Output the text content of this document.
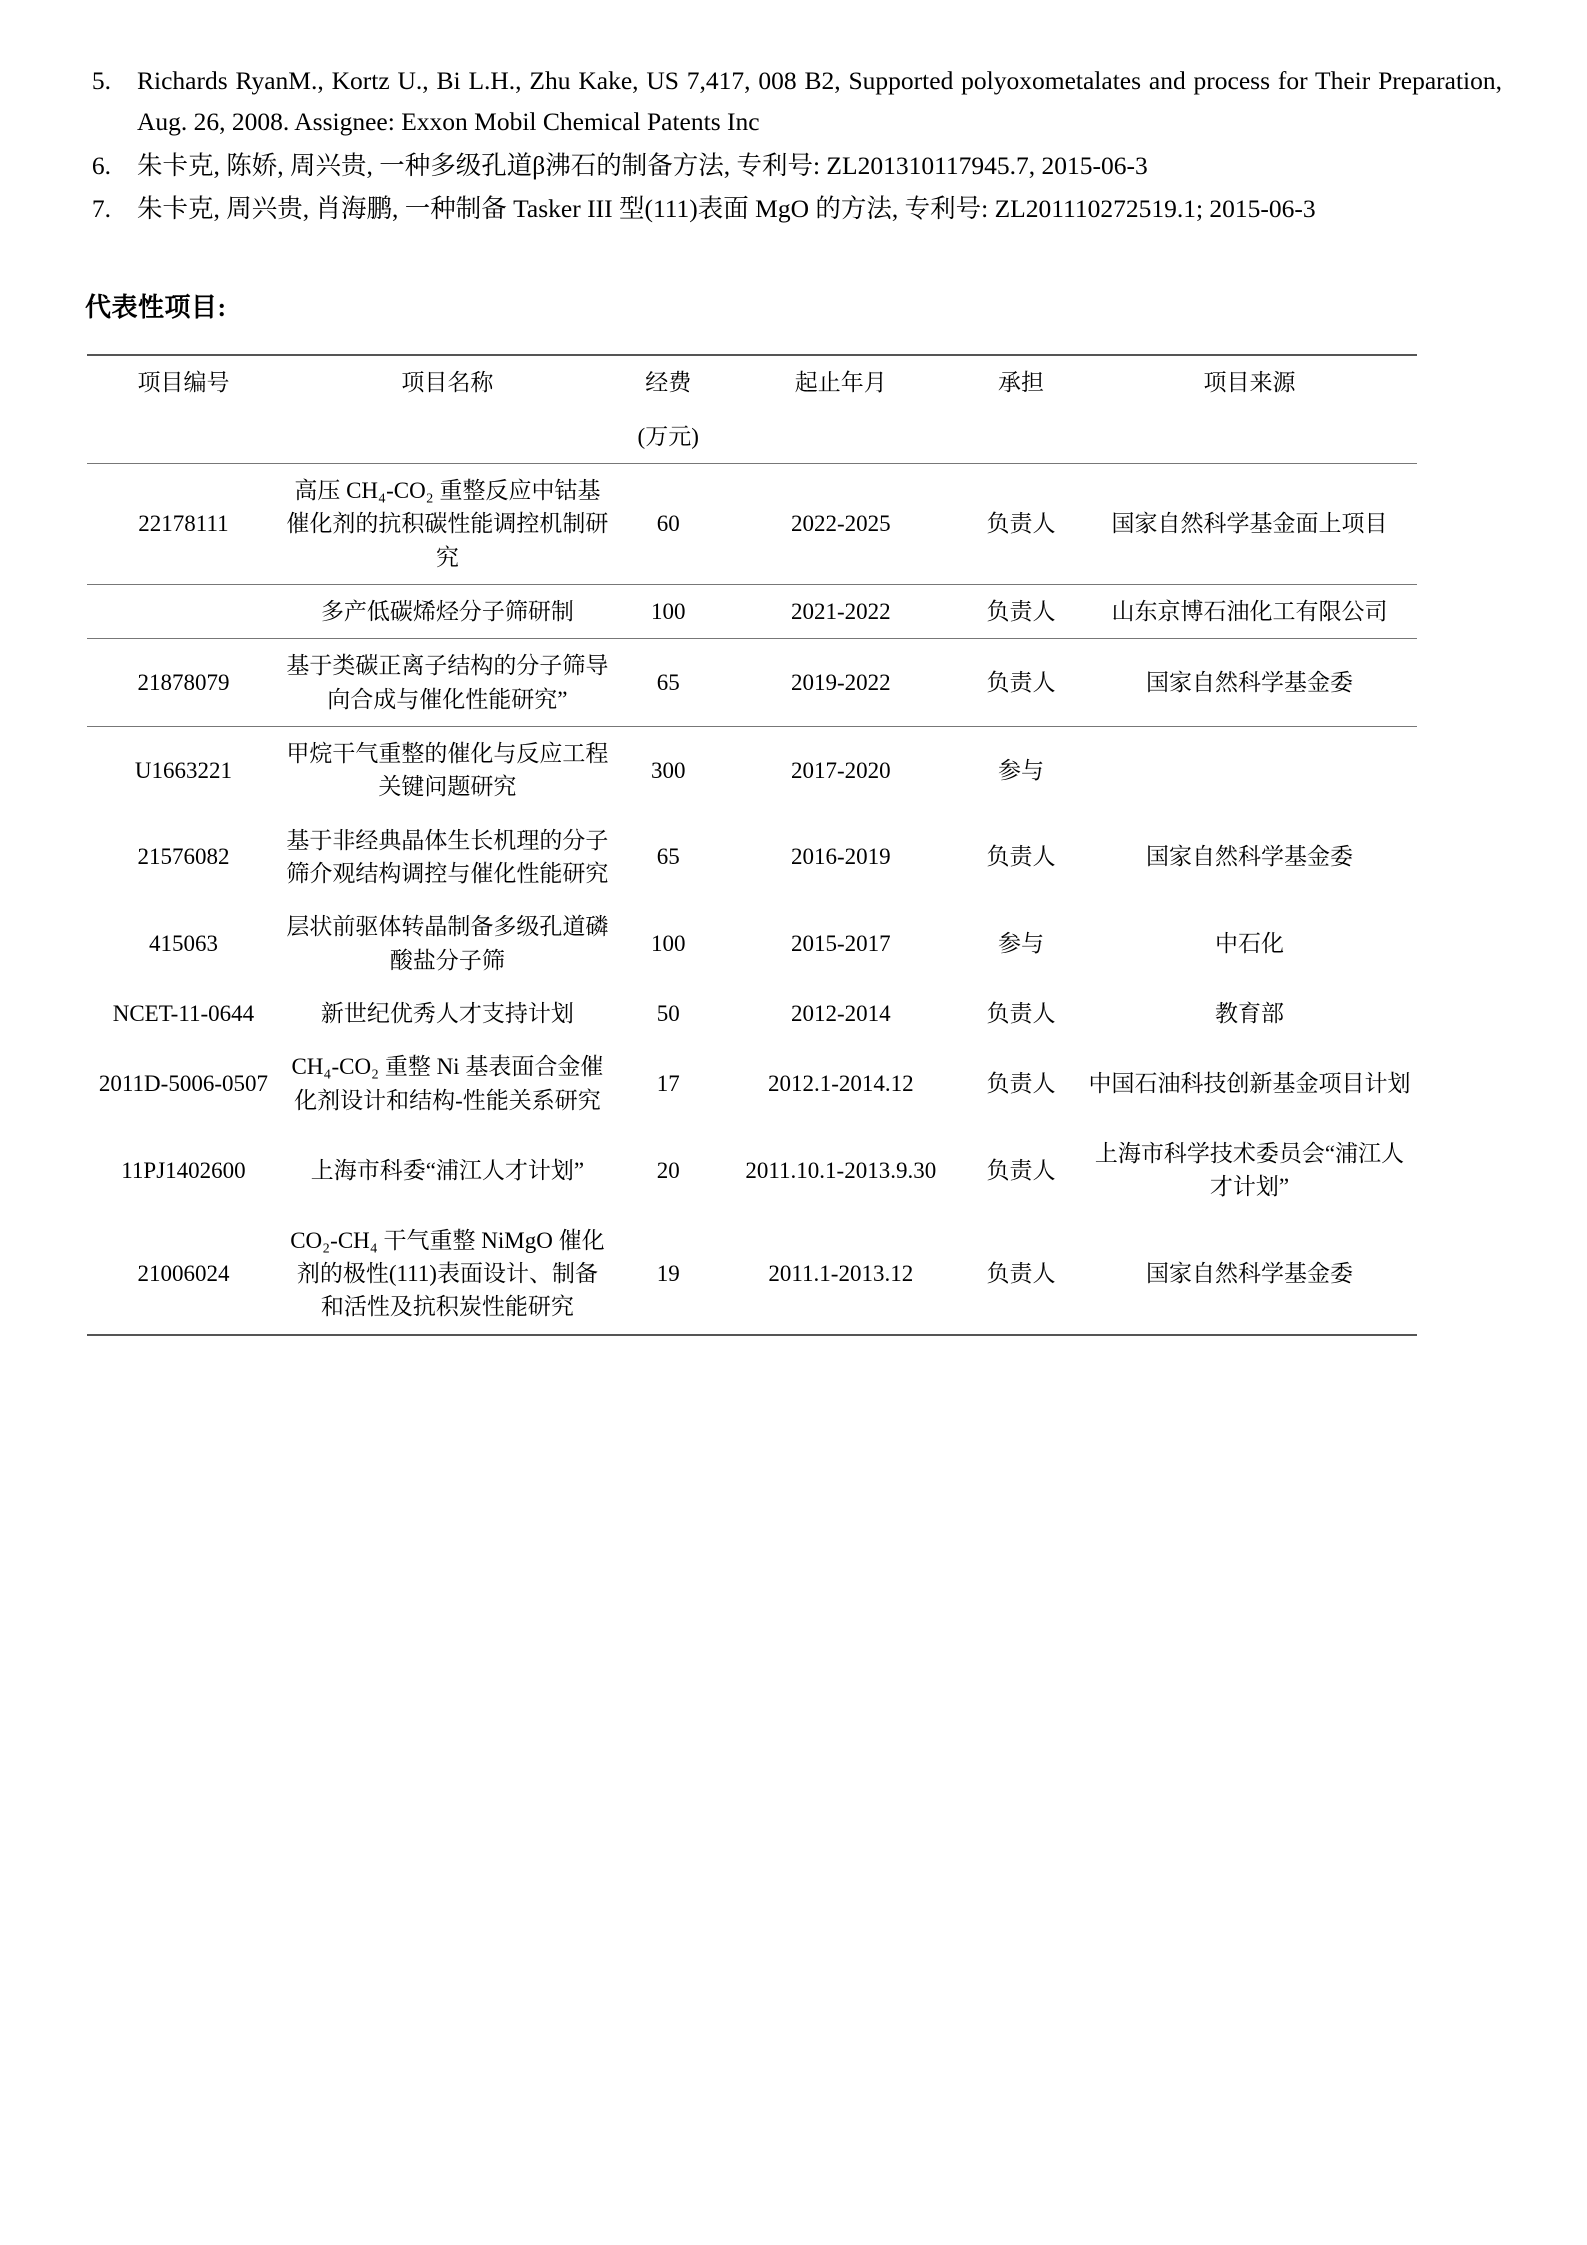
5.	Richards RyanM., Kortz U., Bi L.H., Zhu Kake, US 7,417, 008 B2, Supported polyoxometalates and process for Their Preparation, Aug. 26, 2008. Assignee: Exxon Mobil Chemical Patents Inc
6.	朱卡克, 陈娇, 周兴贵, 一种多级孔道β沸石的制备方法, 专利号: ZL201310117945.7, 2015-06-3
7.	朱卡克, 周兴贵, 肖海鹏, 一种制备 Tasker III 型(111)表面 MgO 的方法, 专利号: ZL201110272519.1; 2015-06-3
代表性项目:
项目编号	项目名称	经费	起止年月	承担	项目来源
		(万元)			
22178111	高压 CH₄-CO₂ 重整反应中钴基催化剂的抗积碳性能调控机制研究	60	2022-2025	负责人	国家自然科学基金面上项目
	多产低碳烯烃分子筛研制	100	2021-2022	负责人	山东京博石油化工有限公司
21878079	基于类碳正离子结构的分子筛导向合成与催化性能研究”	65	2019-2022	负责人	国家自然科学基金委
U1663221	甲烷干气重整的催化与反应工程关键问题研究	300	2017-2020	参与	
21576082	基于非经典晶体生长机理的分子筛介观结构调控与催化性能研究	65	2016-2019	负责人	国家自然科学基金委
415063	层状前驱体转晶制备多级孔道磷酸盐分子筛	100	2015-2017	参与	中石化
NCET-11-0644	新世纪优秀人才支持计划	50	2012-2014	负责人	教育部
2011D-5006-0507	CH₄-CO₂ 重整 Ni 基表面合金催化剂设计和结构-性能关系研究	17	2012.1-2014.12	负责人	中国石油科技创新基金项目计划
11PJ1402600	上海市科委“浦江人才计划”	20	2011.10.1-2013.9.30	负责人	上海市科学技术委员会“浦江人才计划”
21006024	CO₂-CH₄ 干气重整 NiMgO 催化剂的极性(111)表面设计、制备和活性及抗积炭性能研究	19	2011.1-2013.12	负责人	国家自然科学基金委
